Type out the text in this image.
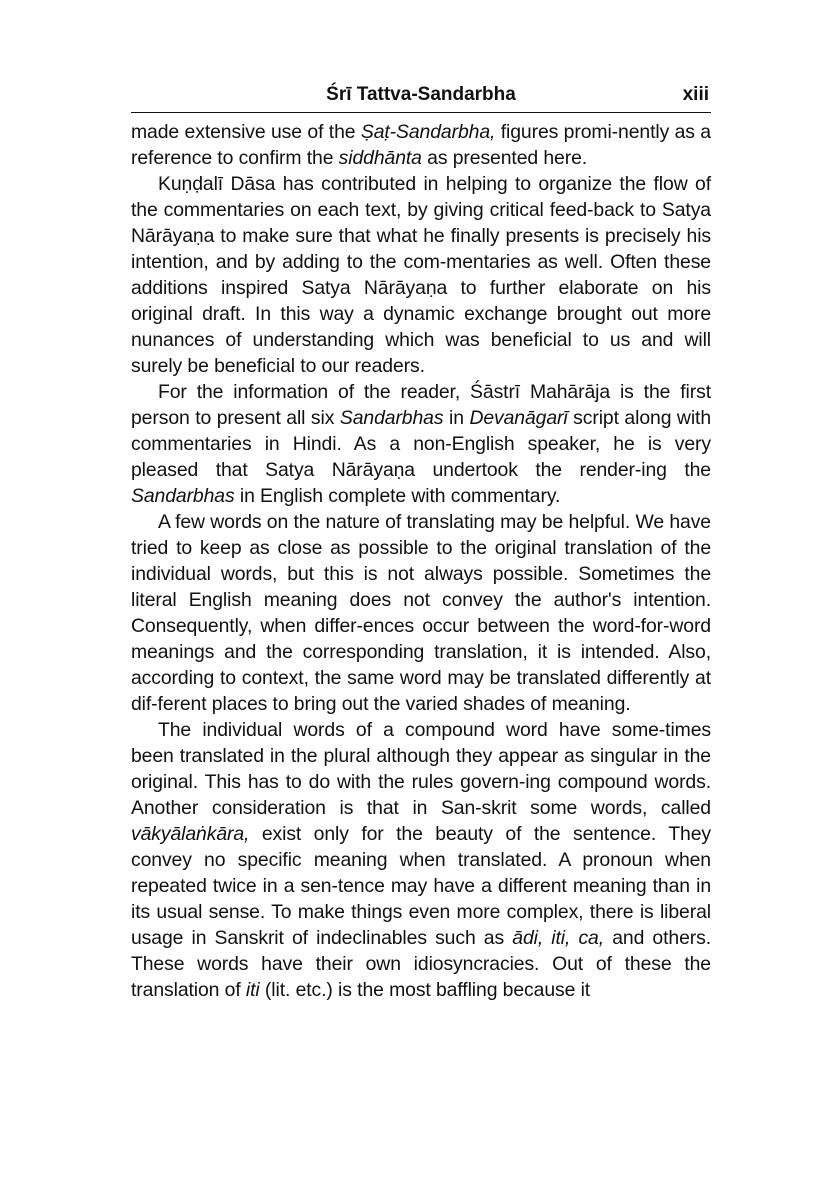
Śrī Tattva-Sandarbha	xiii

made extensive use of the Ṣaṭ-Sandarbha, figures promi-nently as a reference to confirm the siddhānta as presented here.

Kuṇḍalī Dāsa has contributed in helping to organize the flow of the commentaries on each text, by giving critical feed-back to Satya Nārāyaṇa to make sure that what he finally presents is precisely his intention, and by adding to the com-mentaries as well. Often these additions inspired Satya Nārāyaṇa to further elaborate on his original draft. In this way a dynamic exchange brought out more nunances of understanding which was beneficial to us and will surely be beneficial to our readers.

For the information of the reader, Śāstrī Mahārāja is the first person to present all six Sandarbhas in Devanāgarī script along with commentaries in Hindi. As a non-English speaker, he is very pleased that Satya Nārāyaṇa undertook the render-ing the Sandarbhas in English complete with commentary.

A few words on the nature of translating may be helpful. We have tried to keep as close as possible to the original translation of the individual words, but this is not always possible. Sometimes the literal English meaning does not convey the author's intention. Consequently, when differ-ences occur between the word-for-word meanings and the corresponding translation, it is intended. Also, according to context, the same word may be translated differently at dif-ferent places to bring out the varied shades of meaning.

The individual words of a compound word have some-times been translated in the plural although they appear as singular in the original. This has to do with the rules govern-ing compound words. Another consideration is that in San-skrit some words, called vākyālaṅkāra, exist only for the beauty of the sentence. They convey no specific meaning when translated. A pronoun when repeated twice in a sen-tence may have a different meaning than in its usual sense. To make things even more complex, there is liberal usage in Sanskrit of indeclinables such as ādi, iti, ca, and others. These words have their own idiosyncracies. Out of these the translation of iti (lit. etc.) is the most baffling because it
